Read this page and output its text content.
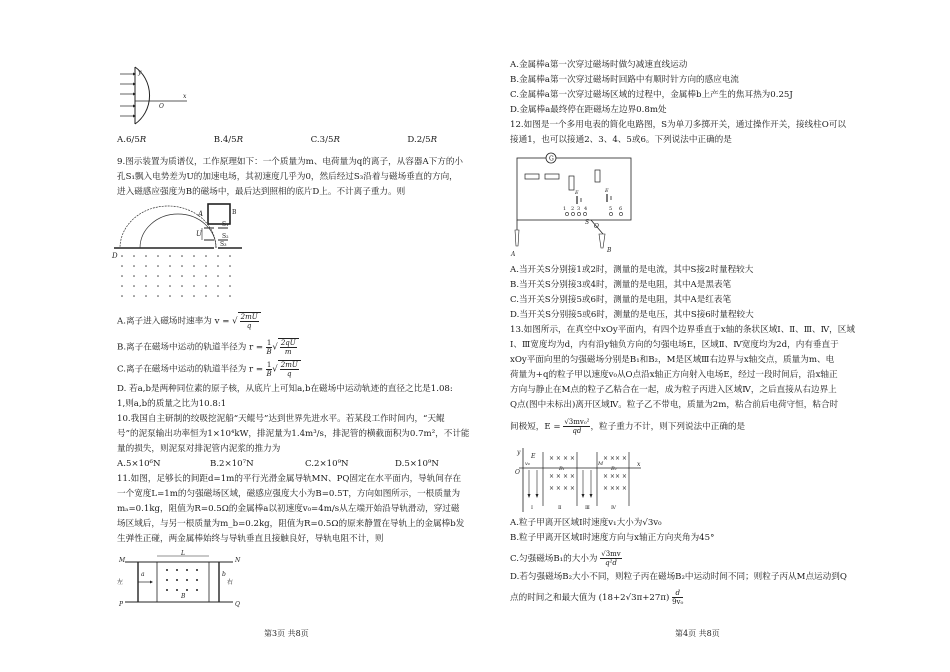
y
O
x
A.6/5R	B.4/5R	C.3/5R	D.2/5R
9.图示装置为质谱仪，工作原理如下：一个质量为m、电荷量为q的离子，从容器A下方的小
孔S₁飘入电势差为U的加速电场，其初速度几乎为0，然后经过S₃沿着与磁场垂直的方向，
进入磁感应强度为B的磁场中，最后达到照相的底片D上。不计离子重力。则
A	B
U
S₁
S₂
S₃
D
A.离子进入磁场时速率为 v = √ $\frac{2mU}{q}$
B.离子在磁场中运动的轨道半径为 $r = \frac{1}{B}$ √ $\frac{2qU}{m}$
C.离子在磁场中运动的轨道半径为 $r = \frac{1}{B}$ √ $\frac{2mU}{q}$
D. 若a,b是两种同位素的原子核，从底片上可知a,b在磁场中运动轨迹的直径之比是1.08:
1,则a,b的质量之比为10.8:1
10.我国自主研制的绞吸挖泥船“天鲲号”达到世界先进水平。若某段工作时间内，“天鲲
号”的泥泵输出功率恒为1×10⁴kW，排泥量为1.4m³/s，排泥管的横截面积为0.7m²，不计能
量的损失，则泥泵对排泥管内泥浆的推力为
A.5×10⁶N	B.2×10⁷N	C.2×10⁹N	D.5×10⁹N
11.如图，足够长的间距d=1m的平行光滑金属导轨MN、PQ固定在水平面内，导轨间存在
一个宽度L=1m的匀强磁场区域，磁感应强度大小为B=0.5T，方向如图所示，一根质量为
mₐ=0.1kg，阻值为R=0.5Ω的金属棒a以初速度v₀=4m/s从左端开始沿导轨滑动，穿过磁
场区域后，与另一根质量为m_b=0.2kg，阻值为R=0.5Ω的原来静置在导轨上的金属棒b发
生弹性正碰，两金属棒始终与导轨垂直且接触良好，导轨电阻不计，则
M	N
P	Q
L
左	右
a	b
B
第3页 共8页
A.金属棒a第一次穿过磁场时做匀减速直线运动
B.金属棒a第一次穿过磁场时回路中有顺时针方向的感应电流
C.金属棒a第一次穿过磁场区域的过程中，金属棒b上产生的焦耳热为0.25J
D.金属棒a最终停在距磁场左边界0.8m处
12.如图是一个多用电表的简化电路图，S为单刀多掷开关，通过操作开关，接线柱O可以
接通1，也可以接通2、3、4、5或6。下列说法中正确的是
G
A
B
O
S
1 2 3 4	5 6
E	E
A.当开关S分别接1或2时，测量的是电流，其中S接2时量程较大
B.当开关S分别接3或4时，测量的是电阻，其中A是黑表笔
C.当开关S分别接5或6时，测量的是电阻，其中A是红表笔
D.当开关S分别接5或6时，测量的是电压，其中S接6时量程较大
13.如图所示，在真空中xOy平面内，有四个边界垂直于x轴的条状区域Ⅰ、Ⅱ、Ⅲ、Ⅳ，区域
Ⅰ、Ⅲ宽度均为d，内有沿y轴负方向的匀强电场E，区域Ⅱ、Ⅳ宽度均为2d，内有垂直于
xOy平面向里的匀强磁场分别是B₁和B₂，M是区域Ⅲ右边界与x轴交点，质量为m、电
荷量为+q的粒子甲以速度v₀从O点沿x轴正方向射入电场E，经过一段时间后，沿x轴正
方向与静止在M点的粒子乙粘合在一起，成为粒子丙进入区域Ⅳ，之后直接从右边界上
Q点(图中未标出)离开区域Ⅳ。粒子乙不带电，质量为2m，粘合前后电荷守恒，粘合时
间极短，$E = \frac{\text{√3mv₀²}}{qd}$ ，粒子重力不计，则下列说法中正确的是
× × × ×
× × × ×
× × × ×
× × × ×
× × × ×
× × × ×
y
O
x
E
B₁	B₂
M
v₀
Ⅰ	Ⅱ	Ⅲ	Ⅳ
A.粒子甲离开区域Ⅰ时速度v₁大小为√3v₀
B.粒子甲离开区域Ⅰ时速度方向与x轴正方向夹角为45°
C.匀强磁场B₁的大小为 $\frac{√3mv}{\text{q²d}}$
D.若匀强磁场B₂大小不同，则粒子丙在磁场B₂中运动时间不同；则粒子丙从M点运动到Q
点的时间之和最大值为 $(18+2√3\pi+27\pi) \frac{d}{\text{9v₀}}$
第4页 共8页
